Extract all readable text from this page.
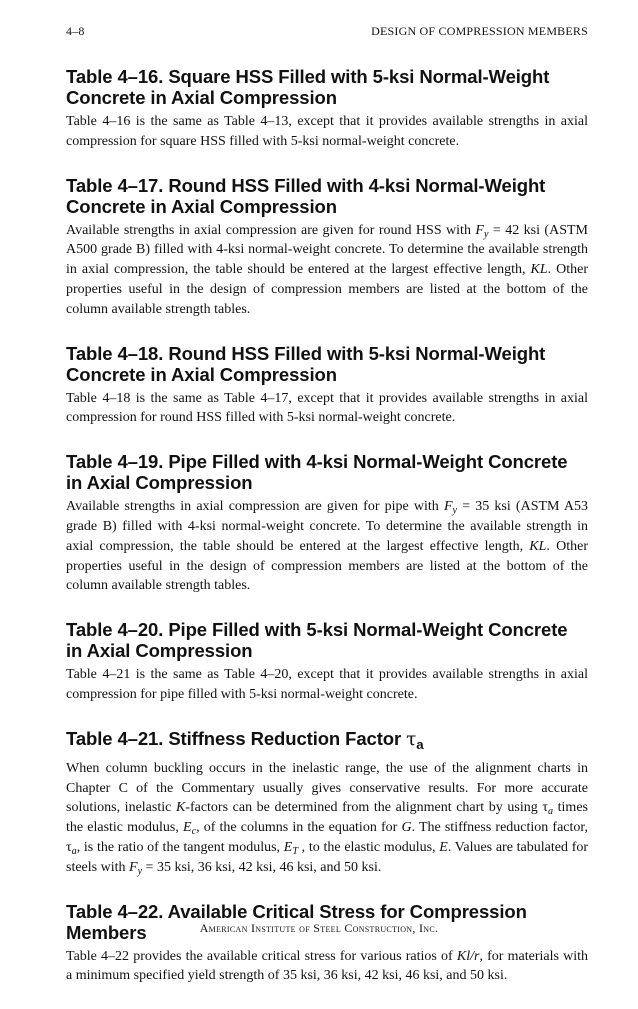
4–8	DESIGN OF COMPRESSION MEMBERS
Table 4–16. Square HSS Filled with 5-ksi Normal-Weight Concrete in Axial Compression

Table 4–16 is the same as Table 4–13, except that it provides available strengths in axial compression for square HSS filled with 5-ksi normal-weight concrete.

Table 4–17. Round HSS Filled with 4-ksi Normal-Weight Concrete in Axial Compression

Available strengths in axial compression are given for round HSS with $F_y = 42$ ksi (ASTM A500 grade B) filled with 4-ksi normal-weight concrete. To determine the available strength in axial compression, the table should be entered at the largest effective length, KL. Other properties useful in the design of compression members are listed at the bottom of the column available strength tables.

Table 4–18. Round HSS Filled with 5-ksi Normal-Weight Concrete in Axial Compression

Table 4–18 is the same as Table 4–17, except that it provides available strengths in axial compression for round HSS filled with 5-ksi normal-weight concrete.

Table 4–19. Pipe Filled with 4-ksi Normal-Weight Concrete in Axial Compression

Available strengths in axial compression are given for pipe with $F_y = 35$ ksi (ASTM A53 grade B) filled with 4-ksi normal-weight concrete. To determine the available strength in axial compression, the table should be entered at the largest effective length, KL. Other properties useful in the design of compression members are listed at the bottom of the column available strength tables.

Table 4–20. Pipe Filled with 5-ksi Normal-Weight Concrete in Axial Compression

Table 4–21 is the same as Table 4–20, except that it provides available strengths in axial compression for pipe filled with 5-ksi normal-weight concrete.

Table 4–21. Stiffness Reduction Factor $\tau_a$

When column buckling occurs in the inelastic range, the use of the alignment charts in Chapter C of the Commentary usually gives conservative results. For more accurate solutions, inelastic K-factors can be determined from the alignment chart by using $\tau_a$ times the elastic modulus, $E_c$, of the columns in the equation for G. The stiffness reduction factor, $\tau_a$, is the ratio of the tangent modulus, $E_T$ , to the elastic modulus, E. Values are tabulated for steels with $F_y = 35$ ksi, 36 ksi, 42 ksi, 46 ksi, and 50 ksi.

Table 4–22. Available Critical Stress for Compression Members

Table 4–22 provides the available critical stress for various ratios of Kl/r, for materials with a minimum specified yield strength of 35 ksi, 36 ksi, 42 ksi, 46 ksi, and 50 ksi.

American Institute of Steel Construction, Inc.
